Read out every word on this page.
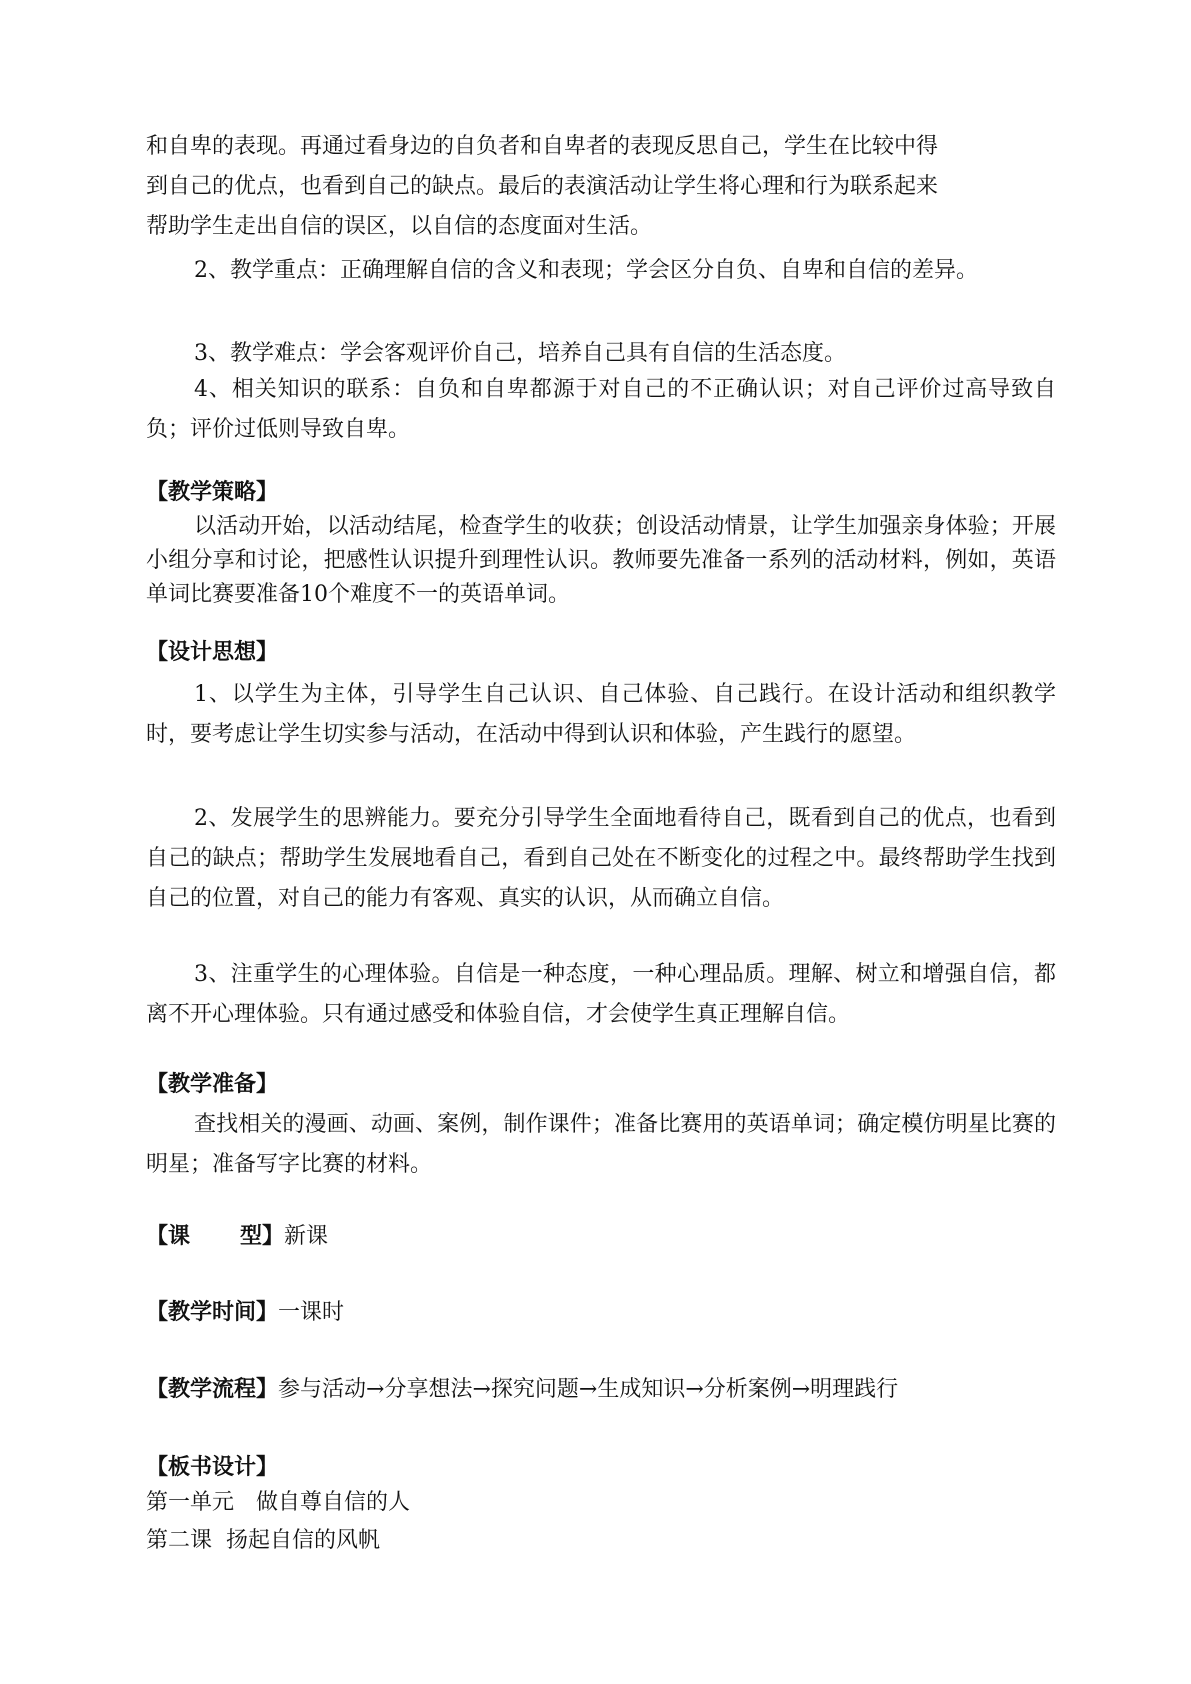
和自卑的表现。再通过看身边的自负者和自卑者的表现反思自己，学生在比较中得

到自己的优点，也看到自己的缺点。最后的表演活动让学生将心理和行为联系起来

帮助学生走出自信的误区，以自信的态度面对生活。

2、教学重点：正确理解自信的含义和表现；学会区分自负、自卑和自信的差异。

3、教学难点：学会客观评价自己，培养自己具有自信的生活态度。

4、相关知识的联系：自负和自卑都源于对自己的不正确认识；对自己评价过高导致自负；评价过低则导致自卑。

【教学策略】

以活动开始，以活动结尾，检查学生的收获；创设活动情景，让学生加强亲身体验；开展小组分享和讨论，把感性认识提升到理性认识。教师要先准备一系列的活动材料，例如，英语单词比赛要准备10个难度不一的英语单词。

【设计思想】

1、以学生为主体，引导学生自己认识、自己体验、自己践行。在设计活动和组织教学时，要考虑让学生切实参与活动，在活动中得到认识和体验，产生践行的愿望。

2、发展学生的思辨能力。要充分引导学生全面地看待自己，既看到自己的优点，也看到自己的缺点；帮助学生发展地看自己，看到自己处在不断变化的过程之中。最终帮助学生找到自己的位置，对自己的能力有客观、真实的认识，从而确立自信。

3、注重学生的心理体验。自信是一种态度，一种心理品质。理解、树立和增强自信，都离不开心理体验。只有通过感受和体验自信，才会使学生真正理解自信。

【教学准备】

查找相关的漫画、动画、案例，制作课件；准备比赛用的英语单词；确定模仿明星比赛的明星；准备写字比赛的材料。

【课 型】新课

【教学时间】一课时

【教学流程】参与活动→分享想法→探究问题→生成知识→分析案例→明理践行

【板书设计】

第一单元　做自尊自信的人

第二课  扬起自信的风帆
